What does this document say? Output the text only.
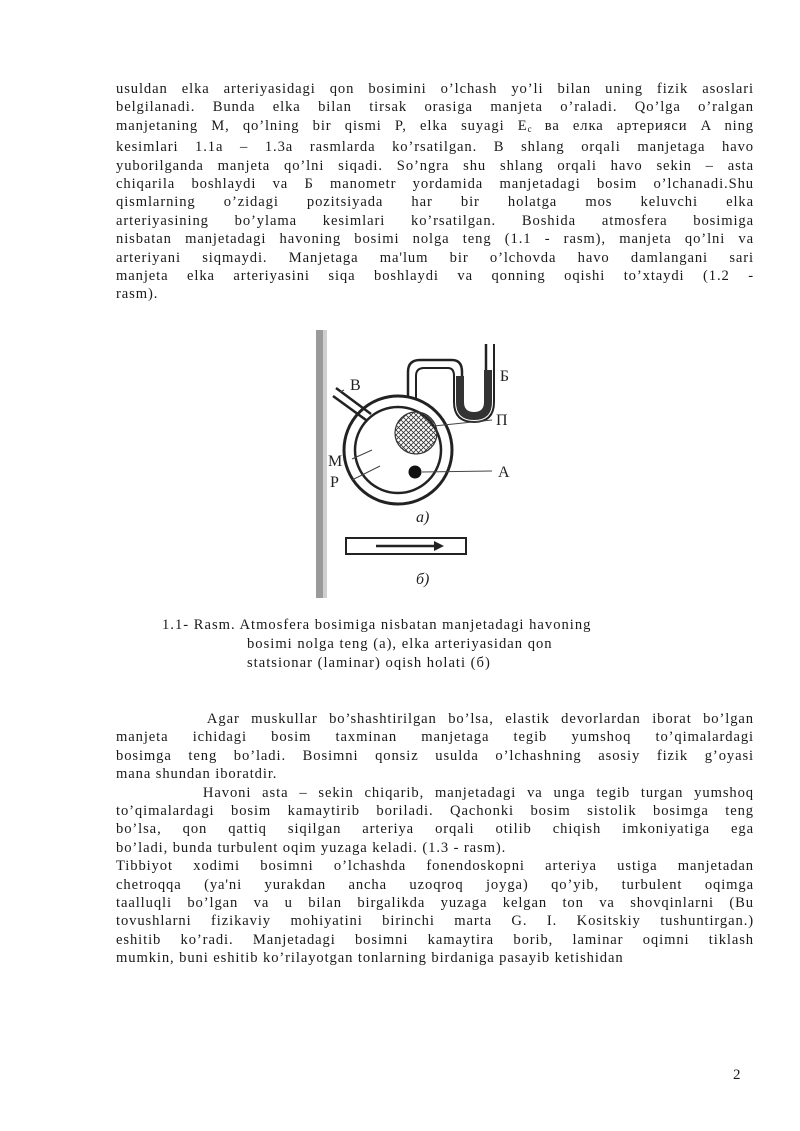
usuldan elka arteriyasidagi qon bosimini o’lchash yo’li bilan uning fizik asoslari
belgilanadi. Bunda elka bilan tirsak orasiga manjeta o’raladi. Qo’lga o’ralgan
manjetaning M, qo’lning bir qismi P, elka suyagi $E_c$ ва елка артерияси A ning
kesimlari 1.1a – 1.3a rasmlarda ko’rsatilgan. B shlang orqali manjetaga havo
yuborilganda manjeta qo’lni siqadi. So’ngra shu shlang orqali havo sekin – asta
chiqarila boshlaydi va Б manometr yordamida manjetadagi bosim o’lchanadi.Shu
qismlarning o’zidagi pozitsiyada har bir holatga mos keluvchi elka
arteriyasining bo’ylama kesimlari ko’rsatilgan. Boshida atmosfera bosimiga
nisbatan manjetadagi havoning bosimi nolga teng (1.1 - rasm), manjeta qo’lni va
arteriyani siqmaydi. Manjetaga ma'lum bir o’lchovda havo damlangani sari
manjeta elka arteriyasini siqa boshlaydi va qonning oqishi to’xtaydi (1.2 -
rasm).
B
Б
П
M
P
A
а)
б)

1.1- Rasm. Atmosfera bosimiga nisbatan manjetadagi havoning

bosimi nolga teng (a), elka arteriyasidan qon

statsionar (laminar) oqish holati (б)

Agar muskullar bo’shashtirilgan bo’lsa, elastik devorlardan iborat bo’lgan
manjeta ichidagi bosim taxminan manjetaga tegib yumshoq to’qimalardagi
bosimga teng bo’ladi. Bosimni qonsiz usulda o’lchashning asosiy fizik g’oyasi
mana shundan iboratdir.
Havoni asta – sekin chiqarib, manjetadagi va unga tegib turgan yumshoq
to’qimalardagi bosim kamaytirib boriladi. Qachonki bosim sistolik bosimga teng
bo’lsa, qon qattiq siqilgan arteriya orqali otilib chiqish imkoniyatiga ega
bo’ladi, bunda turbulent oqim yuzaga keladi. (1.3 - rasm).
Tibbiyot xodimi bosimni o’lchashda fonendoskopni arteriya ustiga manjetadan
chetroqqa (ya'ni yurakdan ancha uzoqroq joyga) qo’yib, turbulent oqimga
taalluqli bo’lgan va u bilan birgalikda yuzaga kelgan ton va shovqinlarni (Bu
tovushlarni fizikaviy mohiyatini birinchi marta G. I. Kositskiy tushuntirgan.)
eshitib ko’radi. Manjetadagi bosimni kamaytira borib, laminar oqimni tiklash
mumkin, buni eshitib ko’rilayotgan tonlarning birdaniga pasayib ketishidan
2
